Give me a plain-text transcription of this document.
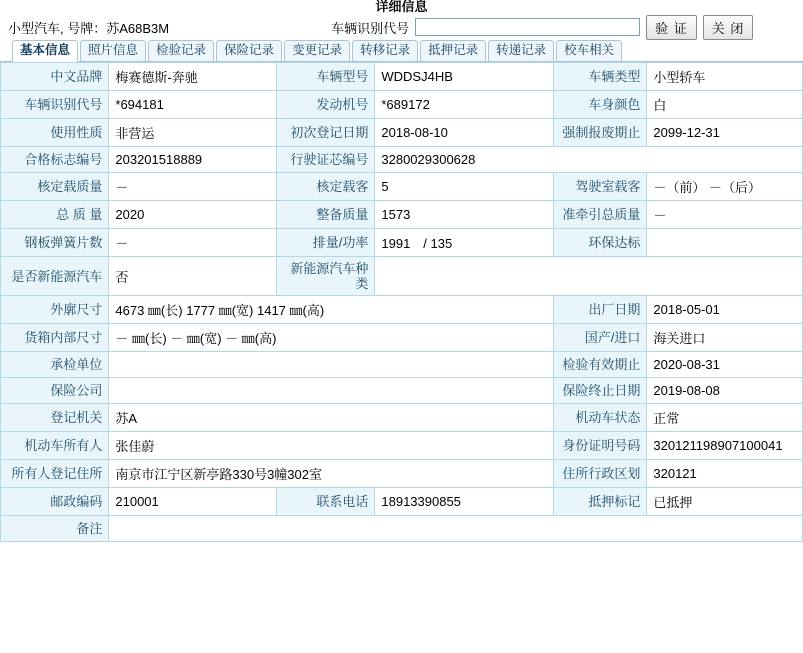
详细信息
小型汽车, 号牌：苏A68B3M	车辆识别代号	验 证	关 闭
基本信息	照片信息	检验记录	保险记录	变更记录	转移记录	抵押记录	转递记录	校车相关
中文品牌	梅赛德斯-奔驰	车辆型号	WDDSJ4HB	车辆类型	小型轿车
车辆识别代号	*694181	发动机号	*689172	车身颜色	白
使用性质	非营运	初次登记日期	2018-08-10	强制报废期止	2099-12-31
合格标志编号	203201518889	行驶证芯编号	3280029300628		
核定载质量	－	核定载客	5	驾驶室载客	－（前） －（后）
总 质 量	2020	整备质量	1573	准牵引总质量	－
钢板弹簧片数	－	排量/功率	1991　/ 135	环保达标	
是否新能源汽车	否	新能源汽车种类			
外廓尺寸	4673 ㎜(长) 1777 ㎜(宽) 1417 ㎜(高)			出厂日期	2018-05-01
货箱内部尺寸	－ ㎜(长) － ㎜(宽) － ㎜(高)			国产/进口	海关进口
承检单位				检验有效期止	2020-08-31
保险公司				保险终止日期	2019-08-08
登记机关	苏A			机动车状态	正常
机动车所有人	张佳蔚			身份证明号码	320121198907100041
所有人登记住所	南京市江宁区新亭路330号3幢302室			住所行政区划	320121
邮政编码	210001	联系电话	18913390855	抵押标记	已抵押
备注					
